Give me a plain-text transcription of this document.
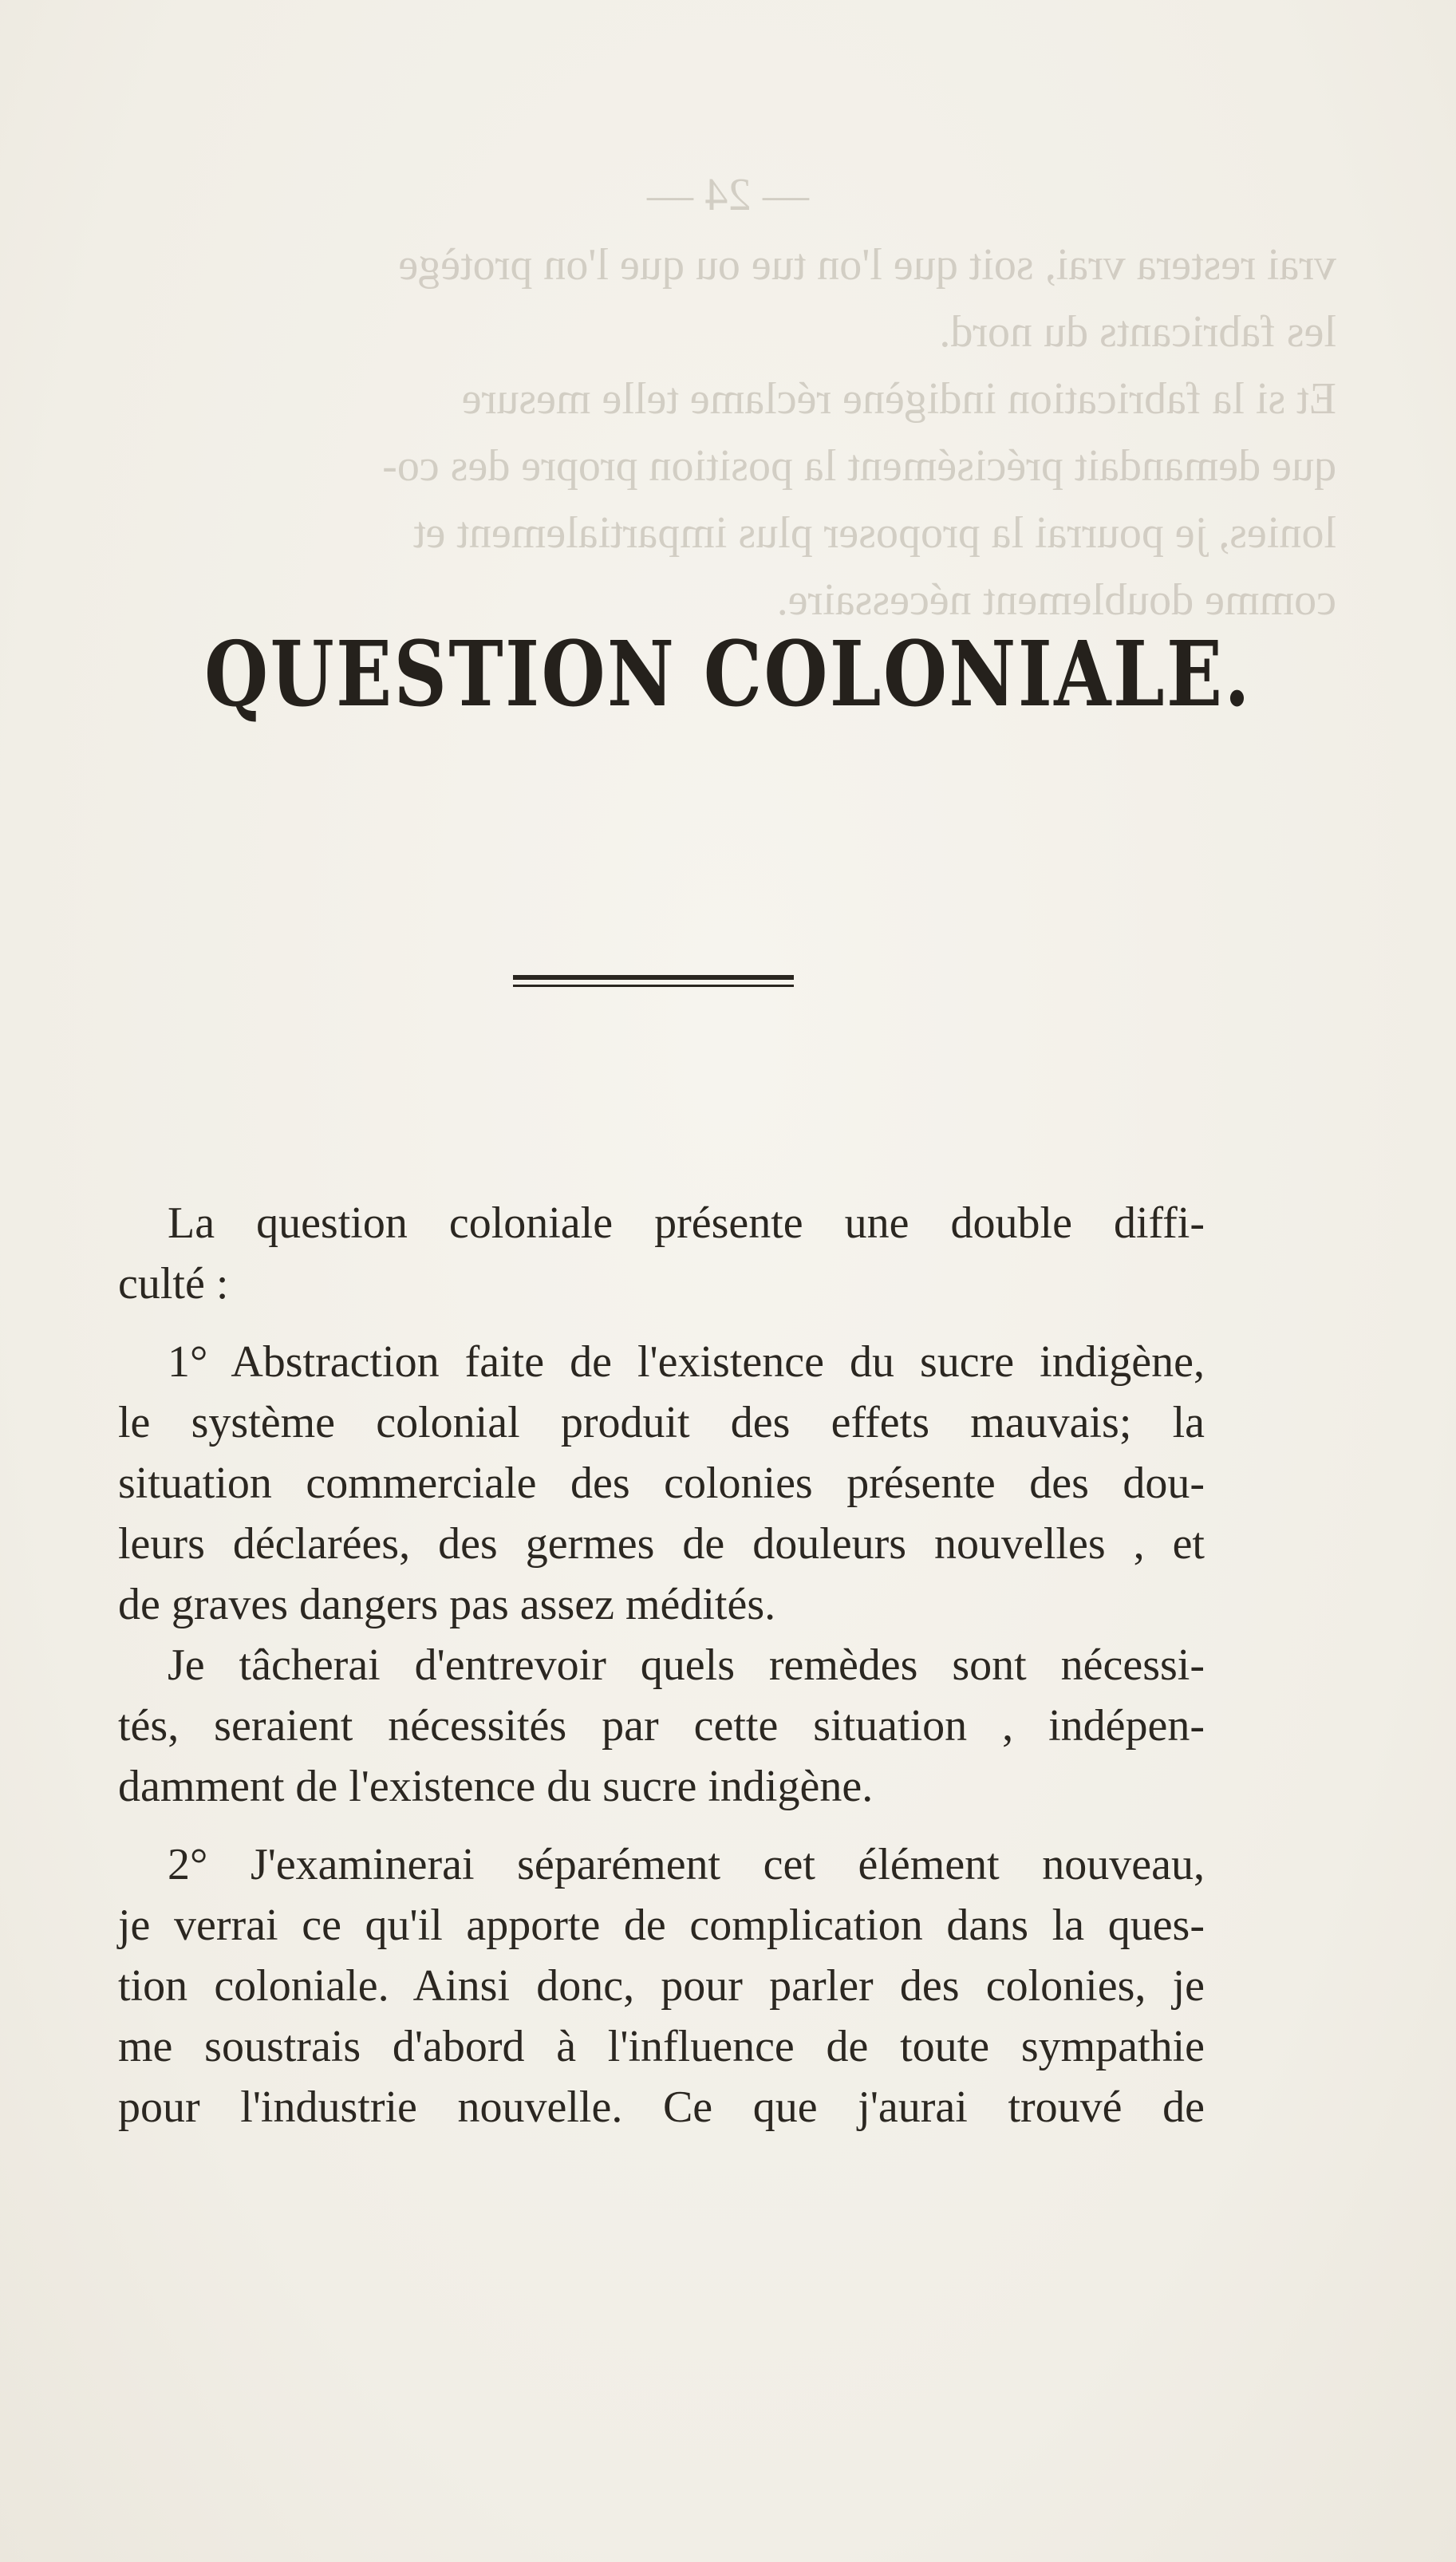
— 24 —
vrai restera vrai, soit que l'on tue ou que l'on protège
les fabricants du nord.
Et si la fabrication indigène réclame telle mesure
que demandait précisément la position propre des co-
lonies, je pourrai la proposer plus impartialement et
comme doublement nécessaire.
QUESTION COLONIALE.
La question coloniale présente une double diffi-
culté :
1° Abstraction faite de l'existence du sucre indigène,
le système colonial produit des effets mauvais; la
situation commerciale des colonies présente des dou-
leurs déclarées, des germes de douleurs nouvelles , et
de graves dangers pas assez médités.
Je tâcherai d'entrevoir quels remèdes sont nécessi-
tés, seraient nécessités par cette situation , indépen-
damment de l'existence du sucre indigène.
2° J'examinerai séparément cet élément nouveau,
je verrai ce qu'il apporte de complication dans la ques-
tion coloniale. Ainsi donc, pour parler des colonies, je
me soustrais d'abord à l'influence de toute sympathie
pour l'industrie nouvelle. Ce que j'aurai trouvé de
